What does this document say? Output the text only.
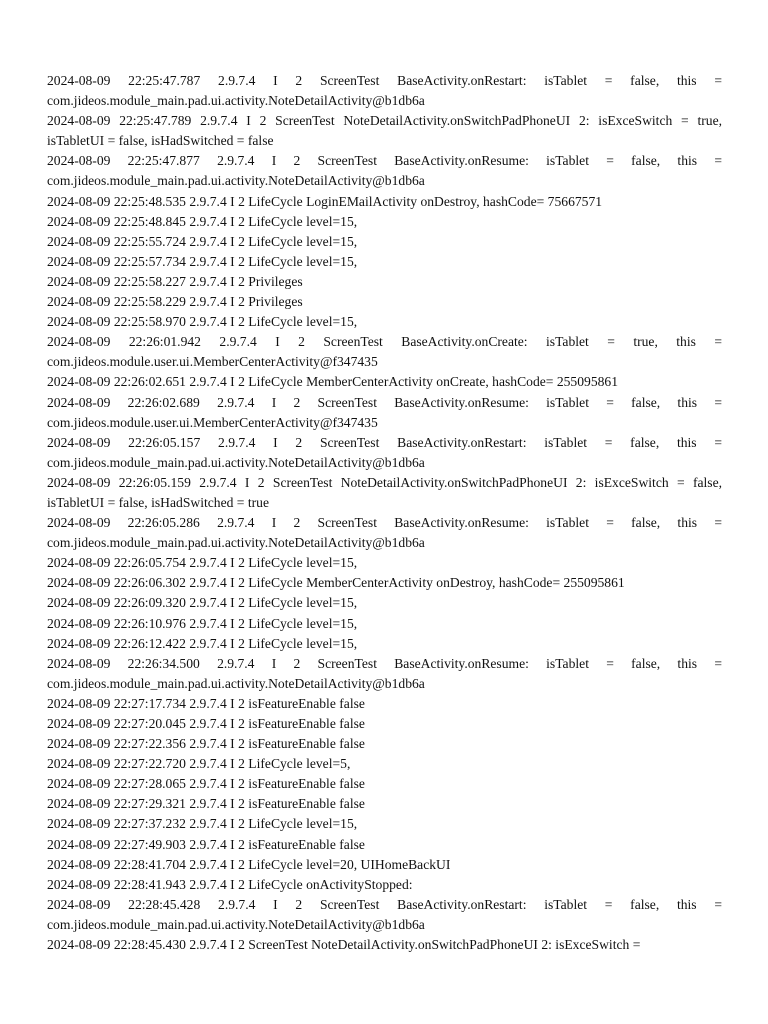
2024-08-09 22:25:47.787 2.9.7.4 I 2 ScreenTest BaseActivity.onRestart: isTablet = false, this = com.jideos.module_main.pad.ui.activity.NoteDetailActivity@b1db6a
2024-08-09 22:25:47.789 2.9.7.4 I 2 ScreenTest NoteDetailActivity.onSwitchPadPhoneUI 2: isExceSwitch = true, isTabletUI = false, isHadSwitched = false
2024-08-09 22:25:47.877 2.9.7.4 I 2 ScreenTest BaseActivity.onResume: isTablet = false, this = com.jideos.module_main.pad.ui.activity.NoteDetailActivity@b1db6a
2024-08-09 22:25:48.535 2.9.7.4 I 2 LifeCycle LoginEMailActivity onDestroy, hashCode= 75667571
2024-08-09 22:25:48.845 2.9.7.4 I 2 LifeCycle level=15,
2024-08-09 22:25:55.724 2.9.7.4 I 2 LifeCycle level=15,
2024-08-09 22:25:57.734 2.9.7.4 I 2 LifeCycle level=15,
2024-08-09 22:25:58.227 2.9.7.4 I 2 Privileges
2024-08-09 22:25:58.229 2.9.7.4 I 2 Privileges
2024-08-09 22:25:58.970 2.9.7.4 I 2 LifeCycle level=15,
2024-08-09 22:26:01.942 2.9.7.4 I 2 ScreenTest BaseActivity.onCreate: isTablet = true, this = com.jideos.module.user.ui.MemberCenterActivity@f347435
2024-08-09 22:26:02.651 2.9.7.4 I 2 LifeCycle MemberCenterActivity onCreate, hashCode= 255095861
2024-08-09 22:26:02.689 2.9.7.4 I 2 ScreenTest BaseActivity.onResume: isTablet = false, this = com.jideos.module.user.ui.MemberCenterActivity@f347435
2024-08-09 22:26:05.157 2.9.7.4 I 2 ScreenTest BaseActivity.onRestart: isTablet = false, this = com.jideos.module_main.pad.ui.activity.NoteDetailActivity@b1db6a
2024-08-09 22:26:05.159 2.9.7.4 I 2 ScreenTest NoteDetailActivity.onSwitchPadPhoneUI 2: isExceSwitch = false, isTabletUI = false, isHadSwitched = true
2024-08-09 22:26:05.286 2.9.7.4 I 2 ScreenTest BaseActivity.onResume: isTablet = false, this = com.jideos.module_main.pad.ui.activity.NoteDetailActivity@b1db6a
2024-08-09 22:26:05.754 2.9.7.4 I 2 LifeCycle level=15,
2024-08-09 22:26:06.302 2.9.7.4 I 2 LifeCycle MemberCenterActivity onDestroy, hashCode= 255095861
2024-08-09 22:26:09.320 2.9.7.4 I 2 LifeCycle level=15,
2024-08-09 22:26:10.976 2.9.7.4 I 2 LifeCycle level=15,
2024-08-09 22:26:12.422 2.9.7.4 I 2 LifeCycle level=15,
2024-08-09 22:26:34.500 2.9.7.4 I 2 ScreenTest BaseActivity.onResume: isTablet = false, this = com.jideos.module_main.pad.ui.activity.NoteDetailActivity@b1db6a
2024-08-09 22:27:17.734 2.9.7.4 I 2 isFeatureEnable false
2024-08-09 22:27:20.045 2.9.7.4 I 2 isFeatureEnable false
2024-08-09 22:27:22.356 2.9.7.4 I 2 isFeatureEnable false
2024-08-09 22:27:22.720 2.9.7.4 I 2 LifeCycle level=5,
2024-08-09 22:27:28.065 2.9.7.4 I 2 isFeatureEnable false
2024-08-09 22:27:29.321 2.9.7.4 I 2 isFeatureEnable false
2024-08-09 22:27:37.232 2.9.7.4 I 2 LifeCycle level=15,
2024-08-09 22:27:49.903 2.9.7.4 I 2 isFeatureEnable false
2024-08-09 22:28:41.704 2.9.7.4 I 2 LifeCycle level=20, UIHomeBackUI
2024-08-09 22:28:41.943 2.9.7.4 I 2 LifeCycle onActivityStopped:
2024-08-09 22:28:45.428 2.9.7.4 I 2 ScreenTest BaseActivity.onRestart: isTablet = false, this = com.jideos.module_main.pad.ui.activity.NoteDetailActivity@b1db6a
2024-08-09 22:28:45.430 2.9.7.4 I 2 ScreenTest NoteDetailActivity.onSwitchPadPhoneUI 2: isExceSwitch =
